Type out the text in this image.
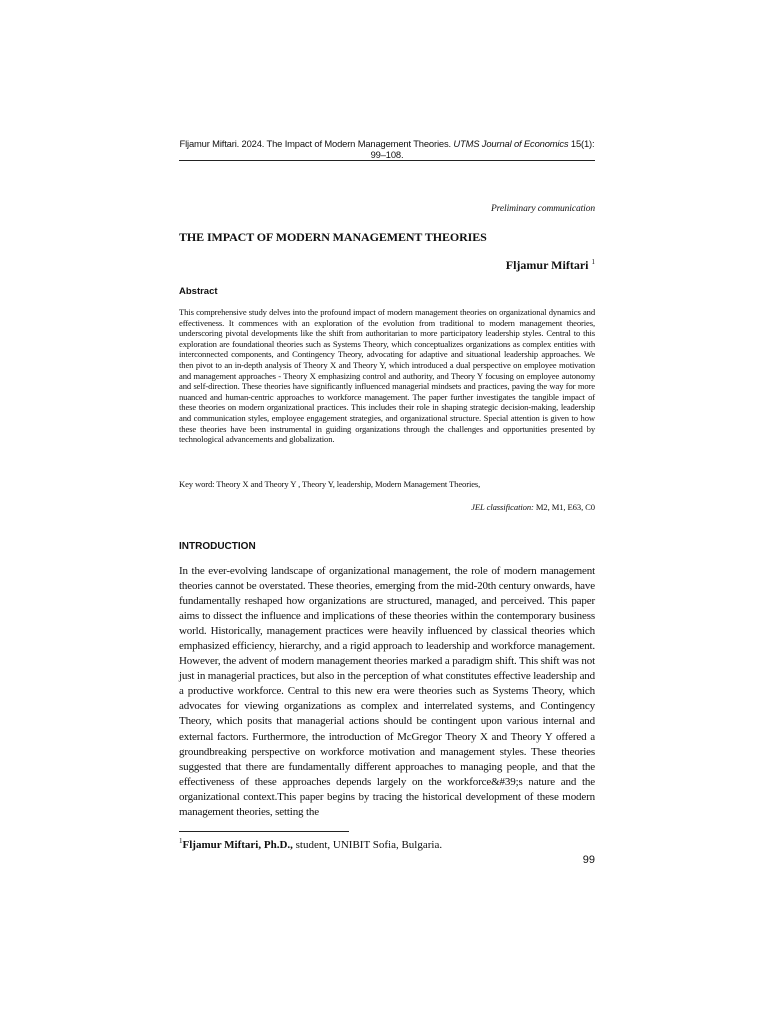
Fljamur Miftari. 2024. The Impact of Modern Management Theories. UTMS Journal of Economics 15(1): 99–108.
Preliminary communication
THE IMPACT OF MODERN MANAGEMENT THEORIES
Fljamur Miftari $^1$
Abstract
This comprehensive study delves into the profound impact of modern management theories on organizational dynamics and effectiveness. It commences with an exploration of the evolution from traditional to modern management theories, underscoring pivotal developments like the shift from authoritarian to more participatory leadership styles. Central to this exploration are foundational theories such as Systems Theory, which conceptualizes organizations as complex entities with interconnected components, and Contingency Theory, advocating for adaptive and situational leadership approaches. We then pivot to an in-depth analysis of Theory X and Theory Y, which introduced a dual perspective on employee motivation and management approaches - Theory X emphasizing control and authority, and Theory Y focusing on employee autonomy and self-direction. These theories have significantly influenced managerial mindsets and practices, paving the way for more nuanced and human-centric approaches to workforce management. The paper further investigates the tangible impact of these theories on modern organizational practices. This includes their role in shaping strategic decision-making, leadership and communication styles, employee engagement strategies, and organizational structure. Special attention is given to how these theories have been instrumental in guiding organizations through the challenges and opportunities presented by technological advancements and globalization.
Key word: Theory X and Theory Y , Theory Y, leadership, Modern Management Theories,
JEL classification: M2, M1, E63, C0
INTRODUCTION
In the ever-evolving landscape of organizational management, the role of modern management theories cannot be overstated. These theories, emerging from the mid-20th century onwards, have fundamentally reshaped how organizations are structured, managed, and perceived. This paper aims to dissect the influence and implications of these theories within the contemporary business world. Historically, management practices were heavily influenced by classical theories which emphasized efficiency, hierarchy, and a rigid approach to leadership and workforce management. However, the advent of modern management theories marked a paradigm shift. This shift was not just in managerial practices, but also in the perception of what constitutes effective leadership and a productive workforce. Central to this new era were theories such as Systems Theory, which advocates for viewing organizations as complex and interrelated systems, and Contingency Theory, which posits that managerial actions should be contingent upon various internal and external factors. Furthermore, the introduction of McGregor Theory X and Theory Y offered a groundbreaking perspective on workforce motivation and management styles. These theories suggested that there are fundamentally different approaches to managing people, and that the effectiveness of these approaches depends largely on the workforce&#39;s nature and the organizational context.This paper begins by tracing the historical development of these modern management theories, setting the
$^1$Fljamur Miftari, Ph.D., student, UNIBIT Sofia, Bulgaria.
99
